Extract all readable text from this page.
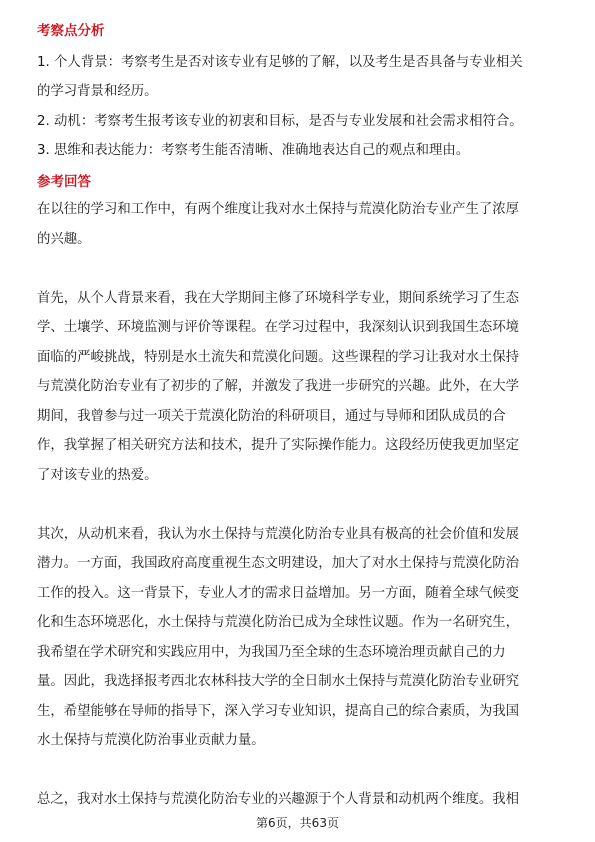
考察点分析
1. 个人背景：考察考生是否对该专业有足够的了解，以及考生是否具备与专业相关
的学习背景和经历。
2. 动机：考察考生报考该专业的初衷和目标，是否与专业发展和社会需求相符合。
3. 思维和表达能力：考察考生能否清晰、准确地表达自己的观点和理由。
参考回答
在以往的学习和工作中，有两个维度让我对水土保持与荒漠化防治专业产生了浓厚
的兴趣。
首先，从个人背景来看，我在大学期间主修了环境科学专业，期间系统学习了生态
学、土壤学、环境监测与评价等课程。在学习过程中，我深刻认识到我国生态环境
面临的严峻挑战，特别是水土流失和荒漠化问题。这些课程的学习让我对水土保持
与荒漠化防治专业有了初步的了解，并激发了我进一步研究的兴趣。此外，在大学
期间，我曾参与过一项关于荒漠化防治的科研项目，通过与导师和团队成员的合
作，我掌握了相关研究方法和技术，提升了实际操作能力。这段经历使我更加坚定
了对该专业的热爱。
其次，从动机来看，我认为水土保持与荒漠化防治专业具有极高的社会价值和发展
潜力。一方面，我国政府高度重视生态文明建设，加大了对水土保持与荒漠化防治
工作的投入。这一背景下，专业人才的需求日益增加。另一方面，随着全球气候变
化和生态环境恶化，水土保持与荒漠化防治已成为全球性议题。作为一名研究生，
我希望在学术研究和实践应用中，为我国乃至全球的生态环境治理贡献自己的力
量。因此，我选择报考西北农林科技大学的全日制水土保持与荒漠化防治专业研究
生，希望能够在导师的指导下，深入学习专业知识，提高自己的综合素质，为我国
水土保持与荒漠化防治事业贡献力量。
总之，我对水土保持与荒漠化防治专业的兴趣源于个人背景和动机两个维度。我相
第6页，共63页
